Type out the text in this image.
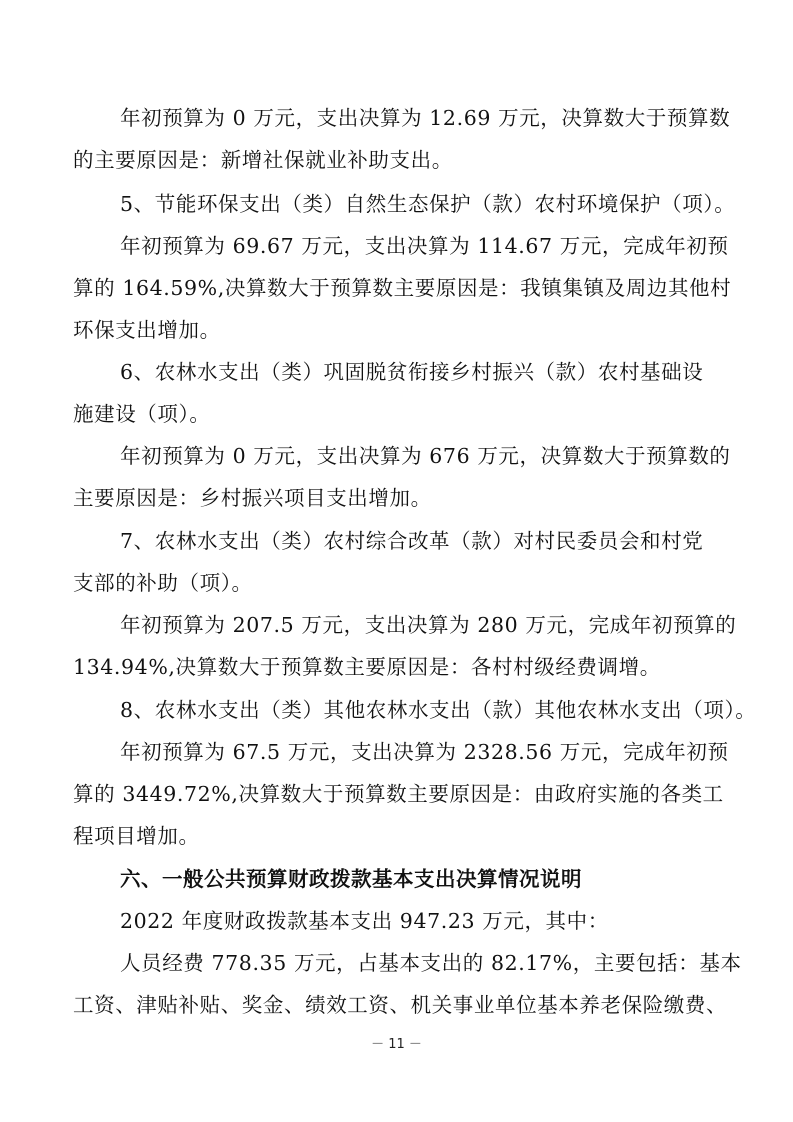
年初预算为 0 万元，支出决算为 12.69 万元，决算数大于预算数
的主要原因是：新增社保就业补助支出。
5、节能环保支出（类）自然生态保护（款）农村环境保护（项）。
年初预算为 69.67 万元，支出决算为 114.67 万元，完成年初预
算的 164.59%,决算数大于预算数主要原因是：我镇集镇及周边其他村
环保支出增加。
6、农林水支出（类）巩固脱贫衔接乡村振兴（款）农村基础设
施建设（项）。
年初预算为 0 万元，支出决算为 676 万元，决算数大于预算数的
主要原因是：乡村振兴项目支出增加。
7、农林水支出（类）农村综合改革（款）对村民委员会和村党
支部的补助（项）。
年初预算为 207.5 万元，支出决算为 280 万元，完成年初预算的
134.94%,决算数大于预算数主要原因是：各村村级经费调增。
8、农林水支出（类）其他农林水支出（款）其他农林水支出（项）。
年初预算为 67.5 万元，支出决算为 2328.56 万元，完成年初预
算的 3449.72%,决算数大于预算数主要原因是：由政府实施的各类工
程项目增加。
六、一般公共预算财政拨款基本支出决算情况说明
2022 年度财政拨款基本支出 947.23 万元，其中：
人员经费 778.35 万元，占基本支出的 82.17%，主要包括：基本
工资、津贴补贴、奖金、绩效工资、机关事业单位基本养老保险缴费、
－ 11 －
